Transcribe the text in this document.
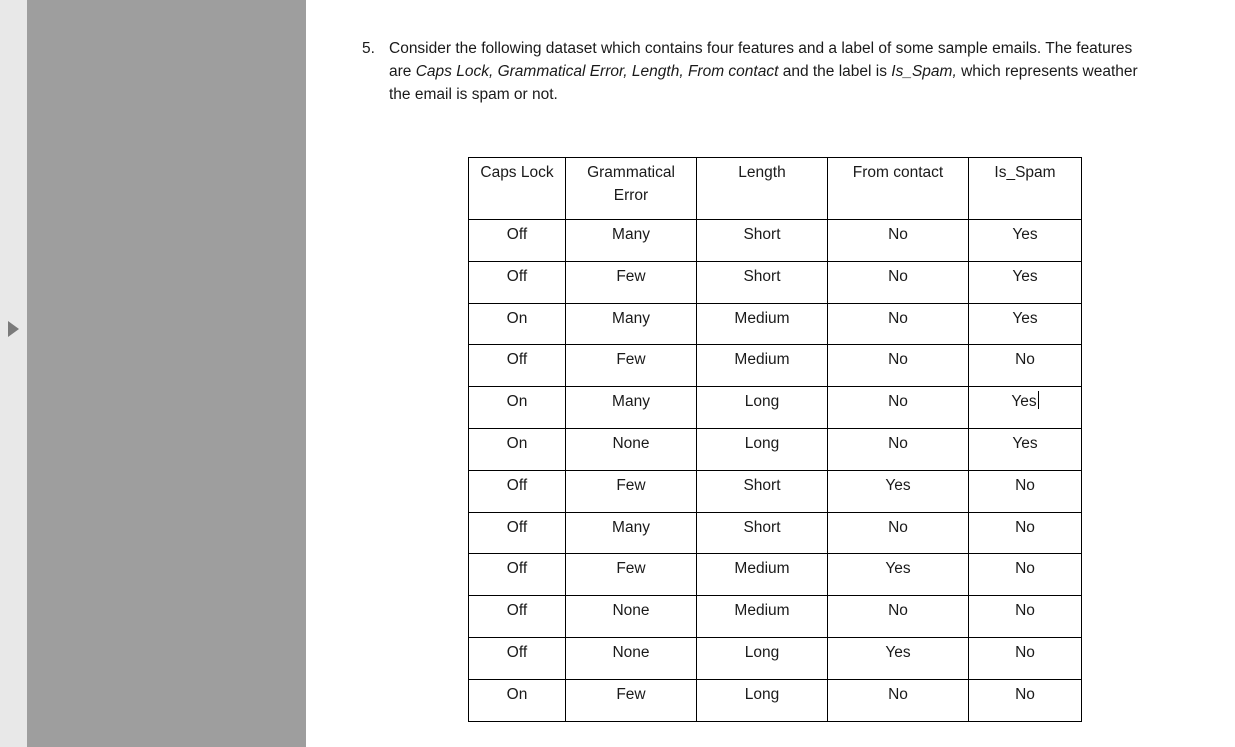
5. Consider the following dataset which contains four features and a label of some sample emails. The features are Caps Lock, Grammatical Error, Length, From contact and the label is Is_Spam, which represents weather the email is spam or not.
Caps Lock	Grammatical Error	Length	From contact	Is_Spam
Off	Many	Short	No	Yes
Off	Few	Short	No	Yes
On	Many	Medium	No	Yes
Off	Few	Medium	No	No
On	Many	Long	No	Yes
On	None	Long	No	Yes
Off	Few	Short	Yes	No
Off	Many	Short	No	No
Off	Few	Medium	Yes	No
Off	None	Medium	No	No
Off	None	Long	Yes	No
On	Few	Long	No	No
